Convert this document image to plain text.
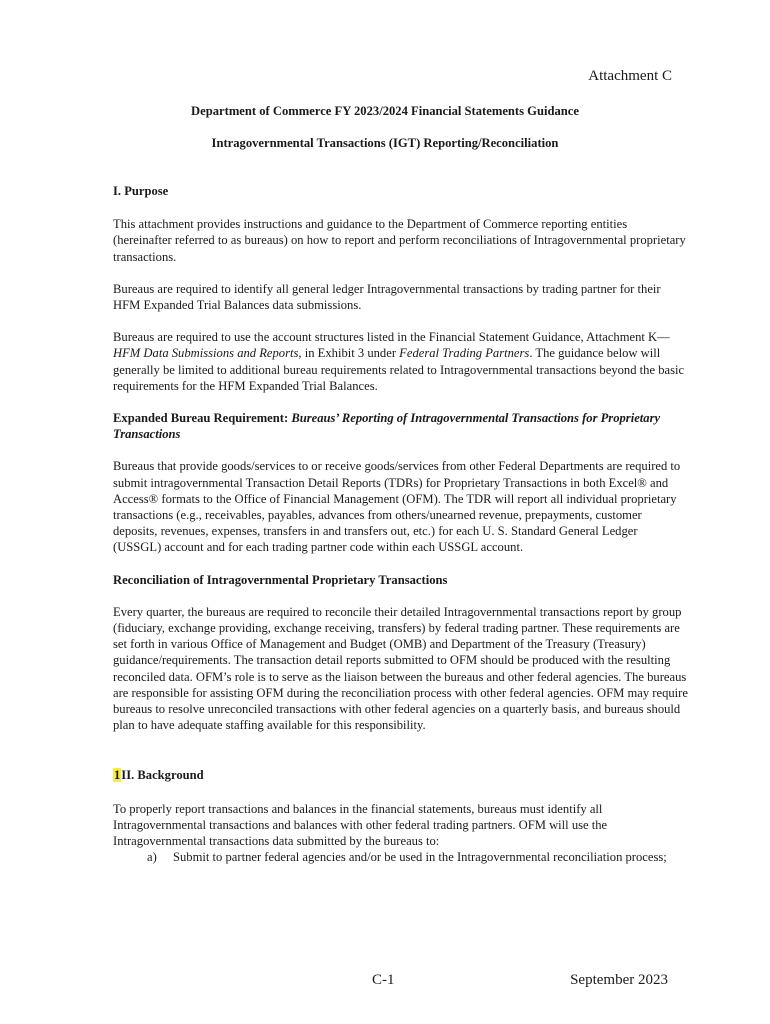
Attachment C
Department of Commerce FY 2023/2024 Financial Statements Guidance
Intragovernmental Transactions (IGT) Reporting/Reconciliation
I. Purpose

This attachment provides instructions and guidance to the Department of Commerce reporting entities (hereinafter referred to as bureaus) on how to report and perform reconciliations of Intragovernmental proprietary transactions.

Bureaus are required to identify all general ledger Intragovernmental transactions by trading partner for their HFM Expanded Trial Balances data submissions.

Bureaus are required to use the account structures listed in the Financial Statement Guidance, Attachment K—HFM Data Submissions and Reports, in Exhibit 3 under Federal Trading Partners. The guidance below will generally be limited to additional bureau requirements related to Intragovernmental transactions beyond the basic requirements for the HFM Expanded Trial Balances.

Expanded Bureau Requirement: Bureaus’ Reporting of Intragovernmental Transactions for Proprietary Transactions

Bureaus that provide goods/services to or receive goods/services from other Federal Departments are required to submit intragovernmental Transaction Detail Reports (TDRs) for Proprietary Transactions in both Excel® and Access® formats to the Office of Financial Management (OFM). The TDR will report all individual proprietary transactions (e.g., receivables, payables, advances from others/unearned revenue, prepayments, customer deposits, revenues, expenses, transfers in and transfers out, etc.) for each U. S. Standard General Ledger (USSGL) account and for each trading partner code within each USSGL account.

Reconciliation of Intragovernmental Proprietary Transactions

Every quarter, the bureaus are required to reconcile their detailed Intragovernmental transactions report by group (fiduciary, exchange providing, exchange receiving, transfers) by federal trading partner. These requirements are set forth in various Office of Management and Budget (OMB) and Department of the Treasury (Treasury) guidance/requirements. The transaction detail reports submitted to OFM should be produced with the resulting reconciled data. OFM’s role is to serve as the liaison between the bureaus and other federal agencies. The bureaus are responsible for assisting OFM during the reconciliation process with other federal agencies. OFM may require bureaus to resolve unreconciled transactions with other federal agencies on a quarterly basis, and bureaus should plan to have adequate staffing available for this responsibility.

1II. Background

To properly report transactions and balances in the financial statements, bureaus must identify all Intragovernmental transactions and balances with other federal trading partners. OFM will use the Intragovernmental transactions data submitted by the bureaus to:

a)	Submit to partner federal agencies and/or be used in the Intragovernmental reconciliation process;
C-1	September 2023
